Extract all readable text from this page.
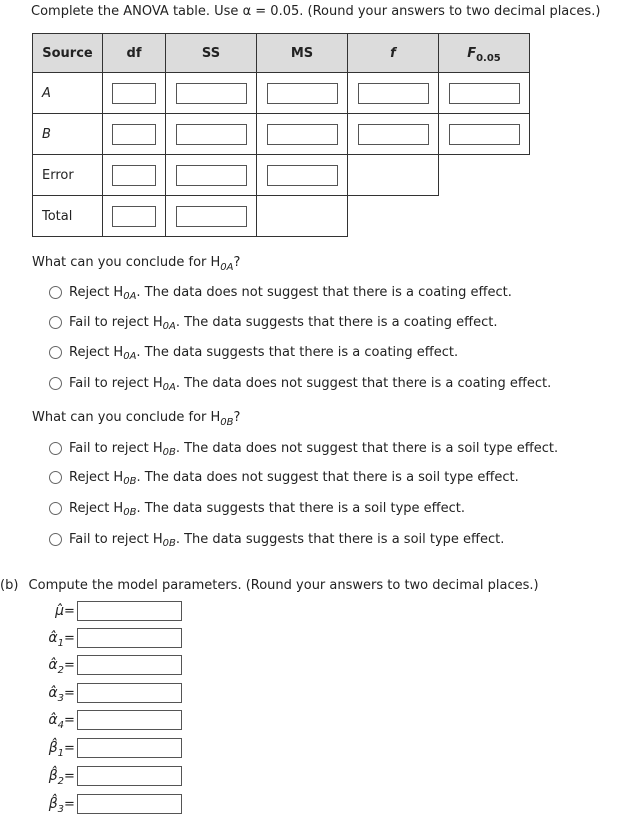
Complete the ANOVA table. Use α = 0.05. (Round your answers to two decimal places.)
Source	df	SS	MS	f	$F_{0.05}$
A	

B	

Error	

Total	

What can you conclude for $H_{0A}$?
Reject H 0A . The data does not suggest that there is a coating effect.
Fail to reject H 0A . The data suggests that there is a coating effect.
Reject H 0A . The data suggests that there is a coating effect.
Fail to reject H 0A . The data does not suggest that there is a coating effect.
What can you conclude for $H_{0B}$?
Fail to reject H 0B . The data does not suggest that there is a soil type effect.
Reject H 0B . The data does not suggest that there is a soil type effect.
Reject H 0B . The data suggests that there is a soil type effect.
Fail to reject H 0B . The data suggests that there is a soil type effect.
(b) Compute the model parameters. (Round your answers to two decimal places.)
μ̂ =
$\alphâ_1$ =
$\alphâ_2$ =
$\alphâ_3$ =
$\alphâ_4$ =
$\betâ_1$ =
$\betâ_2$ =
$\betâ_3$ =
